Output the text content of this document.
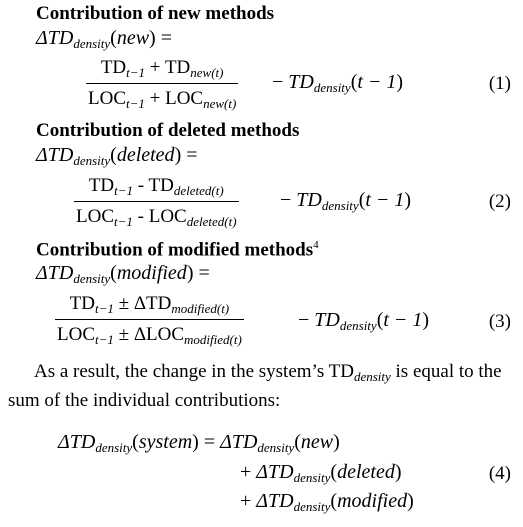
Contribution of new methods
$\Delta TD_{density}(new)$ =
$TD_{t-1} + TD_{new(t)}$
$LOC_{t-1} + LOC_{new(t)}$
− $TD_{density}(t - 1)$	(1)
Contribution of deleted methods
$\Delta TD_{density}(deleted)$ =
$TD_{t-1} - TD_{deleted(t)}$
$LOC_{t-1} - LOC_{deleted(t)}$
− $TD_{density}(t - 1)$	(2)
Contribution of modified methods$^4$
$\Delta TD_{density}(modified)$ =
$TD_{t-1} \pm \Delta TD_{modified(t)}$
$LOC_{t-1} \pm \Delta LOC_{modified(t)}$
− $TD_{density}(t - 1)$	(3)
As a result, the change in the system’s $TD_{density}$ is equal to the sum of the individual contributions:
$\Delta TD_{density}(system) = \Delta TD_{density}(new)$
+ $\Delta TD_{density}(deleted)$	(4)
+ $\Delta TD_{density}(modified)$
